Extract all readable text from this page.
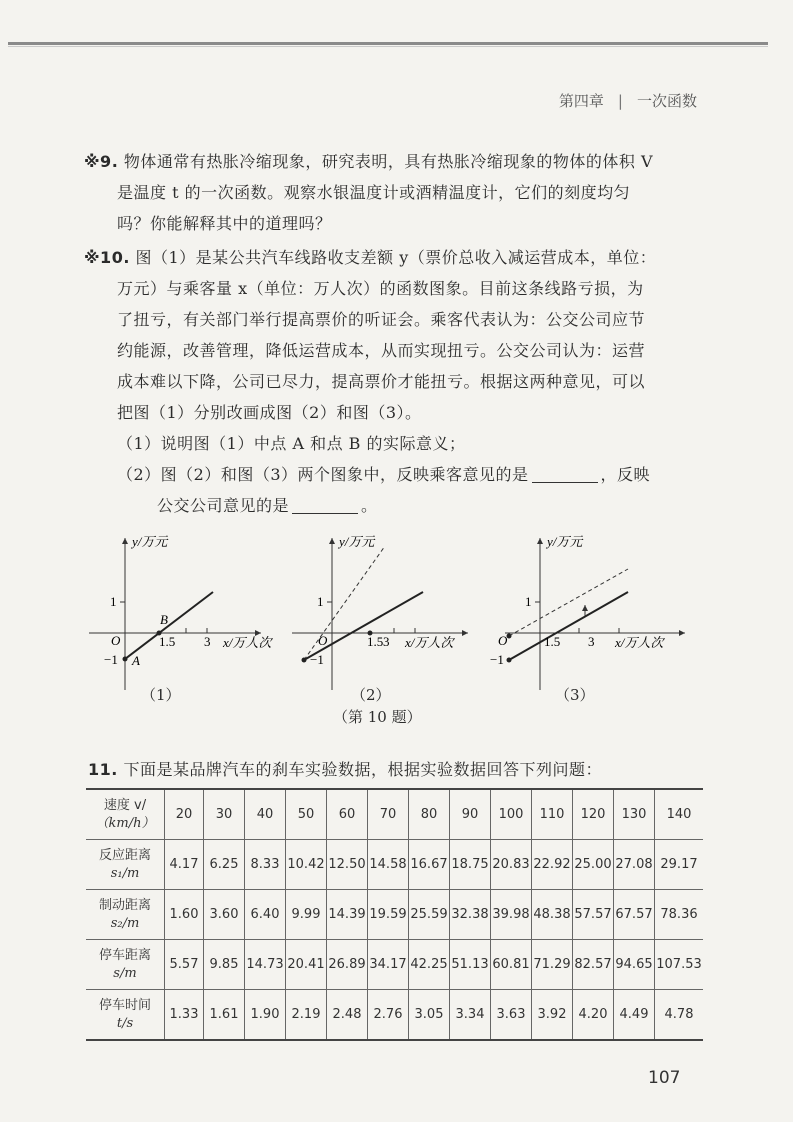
第四章 | 一次函数
※9. 物体通常有热胀冷缩现象，研究表明，具有热胀冷缩现象的物体的体积 V
是温度 t 的一次函数。观察水银温度计或酒精温度计，它们的刻度均匀
吗？你能解释其中的道理吗？
※10. 图（1）是某公共汽车线路收支差额 y（票价总收入减运营成本，单位：
万元）与乘客量 x（单位：万人次）的函数图象。目前这条线路亏损，为
了扭亏，有关部门举行提高票价的听证会。乘客代表认为：公交公司应节
约能源，改善管理，降低运营成本，从而实现扭亏。公交公司认为：运营
成本难以下降，公司已尽力，提高票价才能扭亏。根据这两种意见，可以
把图（1）分别改画成图（2）和图（3）。
（1）说明图（1）中点 A 和点 B 的实际意义；
（2）图（2）和图（3）两个图象中，反映乘客意见的是	，反映
公交公司意见的是	。
y/万元
x/万人次
O
1
−1
1.5 3
A
B
y/万元
x/万人次
O
1
−1
1.5 3
y/万元
x/万人次
O
1
−1
1.5 3
（1）	（2）	（3）
（第 10 题）
11. 下面是某品牌汽车的刹车实验数据，根据实验数据回答下列问题：
速度 v/
（km/h）	20	30	40	50	60	70	80	90	100	110	120	130	140

反应距离
s₁/m	4.17	6.25	8.33	10.42	12.50	14.58	16.67	18.75	20.83	22.92	25.00	27.08	29.17

制动距离
s₂/m	1.60	3.60	6.40	9.99	14.39	19.59	25.59	32.38	39.98	48.38	57.57	67.57	78.36

停车距离
s/m	5.57	9.85	14.73	20.41	26.89	34.17	42.25	51.13	60.81	71.29	82.57	94.65	107.53

停车时间
t/s	1.33	1.61	1.90	2.19	2.48	2.76	3.05	3.34	3.63	3.92	4.20	4.49	4.78
107
